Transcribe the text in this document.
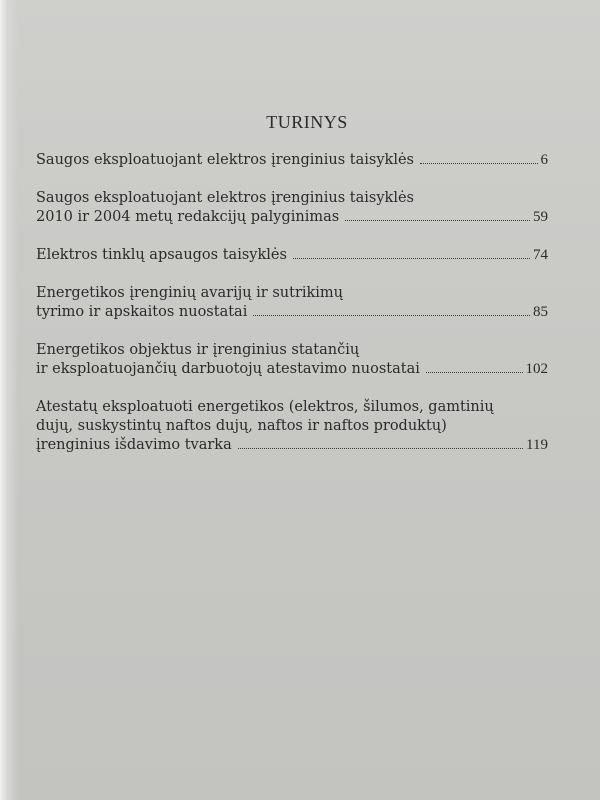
TURINYS
Saugos eksploatuojant elektros įrenginius taisyklės	6
Saugos eksploatuojant elektros įrenginius taisyklės
2010 ir 2004 metų redakcijų palyginimas	59
Elektros tinklų apsaugos taisyklės	74
Energetikos įrenginių avarijų ir sutrikimų
tyrimo ir apskaitos nuostatai	85
Energetikos objektus ir įrenginius statančių
ir eksploatuojančių darbuotojų atestavimo nuostatai	102
Atestatų eksploatuoti energetikos (elektros, šilumos, gamtinių
dujų, suskystintų naftos dujų, naftos ir naftos produktų)
įrenginius išdavimo tvarka	119
